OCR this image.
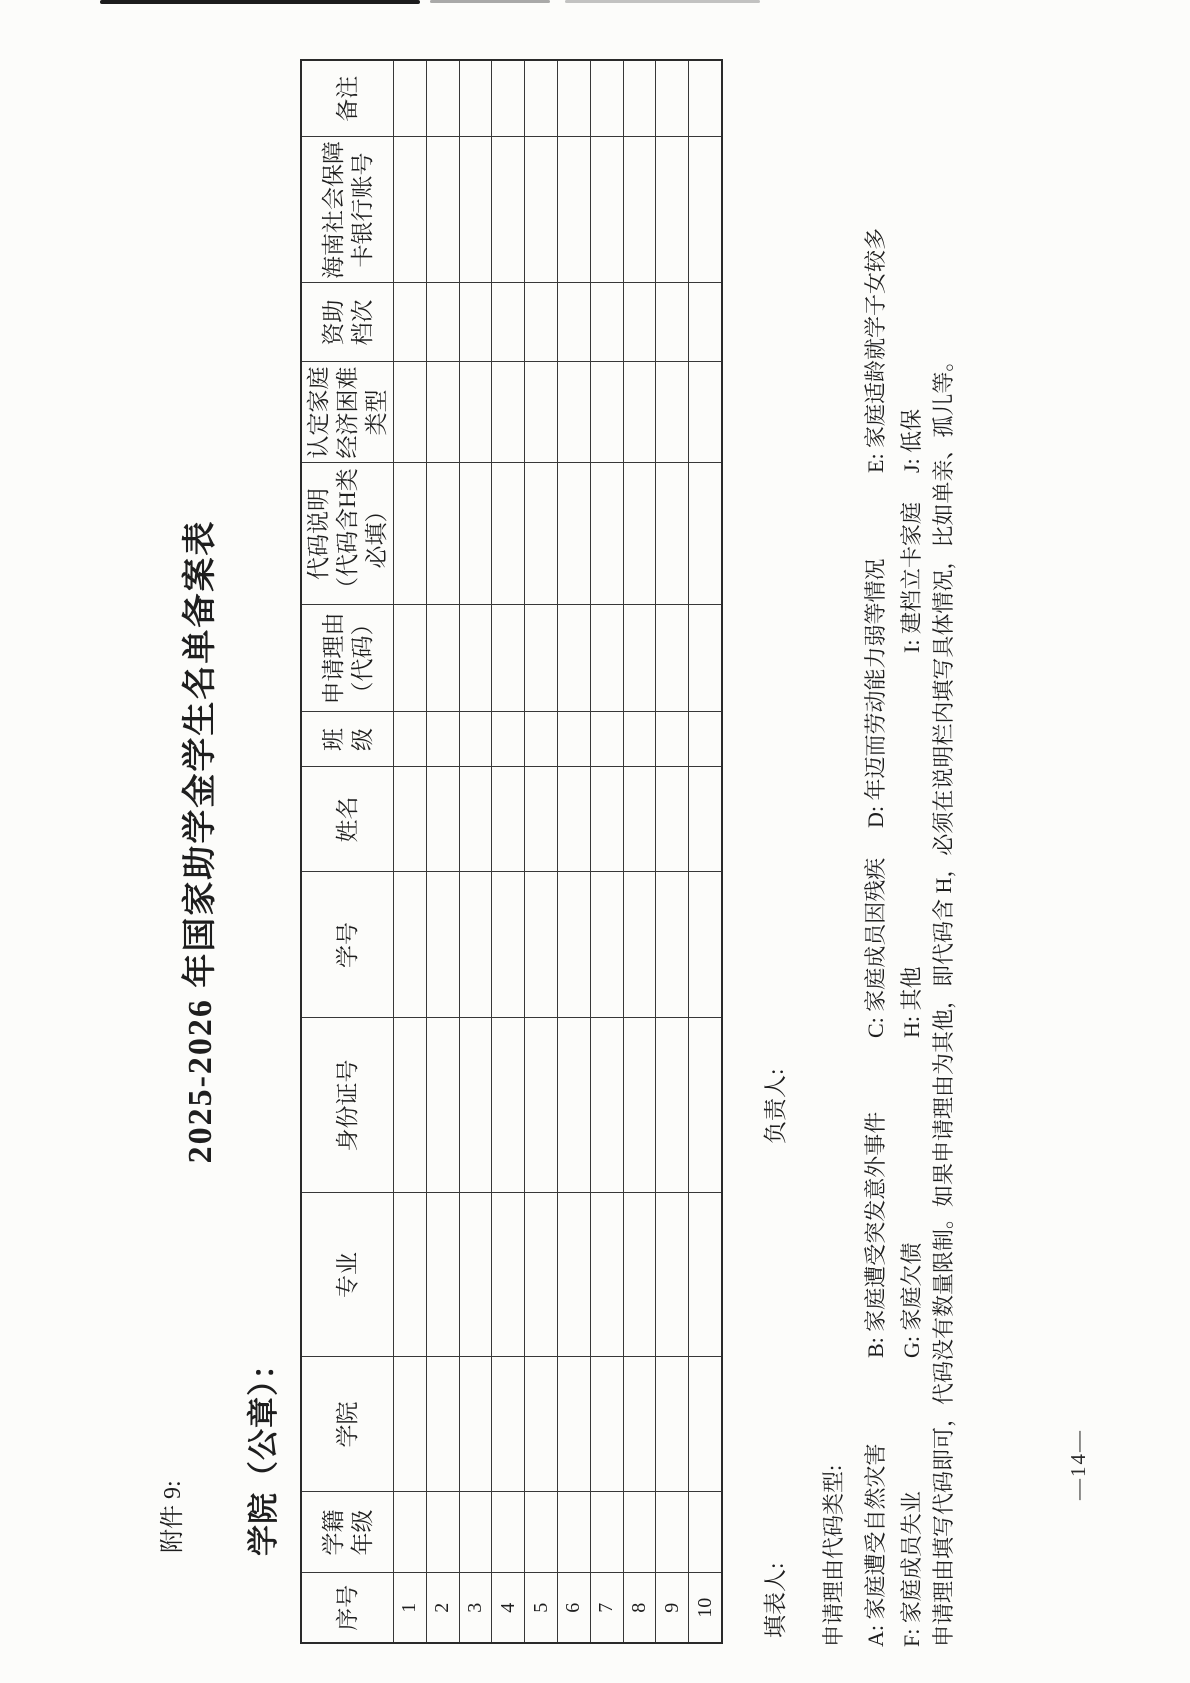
附件 9:
2025-2026 年国家助学金学生名单备案表
学院（公章）：
序号	学籍 年级	学院	专业	身份证号	学号	姓名	班 级	申请理由 （代码）	代码说明 （代码含H类 必填）	认定家庭 经济困难 类型	资助 档次	海南社会保障 卡银行账号	备注
1													
2													
3													
4													
5													
6													
7													
8													
9													
10													填表人:
负责人:
申请理由代码类型: A: 家庭遭受自然灾害
B: 家庭遭受突发意外事件
C: 家庭成员因残疾
D: 年迈而劳动能力弱等情况
E: 家庭适龄就学子女较多
F: 家庭成员失业
G: 家庭欠债
H: 其他
I: 建档立卡家庭
J: 低保 申请理由填写代码即可，代码没有数量限制。如果申请理由为其他，即代码含 H，必须在说明栏内填写具体情况，比如单亲、孤儿等。	—14—
